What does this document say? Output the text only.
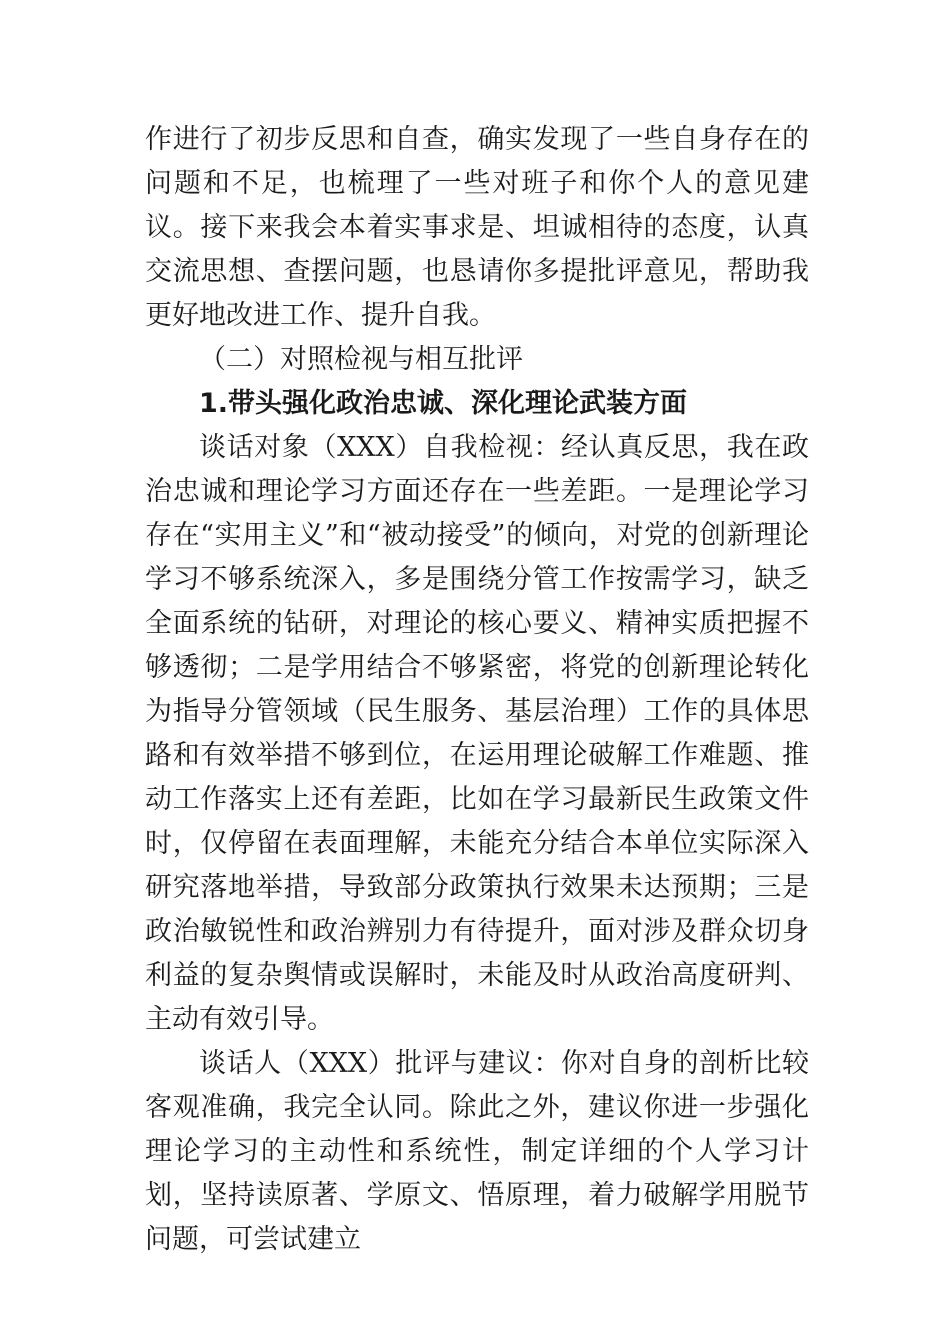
作进行了初步反思和自查，确实发现了一些自身存在的问题和不足，也梳理了一些对班子和你个人的意见建议。接下来我会本着实事求是、坦诚相待的态度，认真交流思想、查摆问题，也恳请你多提批评意见，帮助我更好地改进工作、提升自我。

（二）对照检视与相互批评

1.带头强化政治忠诚、深化理论武装方面

谈话对象（XXX）自我检视：经认真反思，我在政治忠诚和理论学习方面还存在一些差距。一是理论学习存在“实用主义”和“被动接受”的倾向，对党的创新理论学习不够系统深入，多是围绕分管工作按需学习，缺乏全面系统的钻研，对理论的核心要义、精神实质把握不够透彻；二是学用结合不够紧密，将党的创新理论转化为指导分管领域（民生服务、基层治理）工作的具体思路和有效举措不够到位，在运用理论破解工作难题、推动工作落实上还有差距，比如在学习最新民生政策文件时，仅停留在表面理解，未能充分结合本单位实际深入研究落地举措，导致部分政策执行效果未达预期；三是政治敏锐性和政治辨别力有待提升，面对涉及群众切身利益的复杂舆情或误解时，未能及时从政治高度研判、主动有效引导。

谈话人（XXX）批评与建议：你对自身的剖析比较客观准确，我完全认同。除此之外，建议你进一步强化理论学习的主动性和系统性，制定详细的个人学习计划，坚持读原著、学原文、悟原理，着力破解学用脱节问题，可尝试建立
